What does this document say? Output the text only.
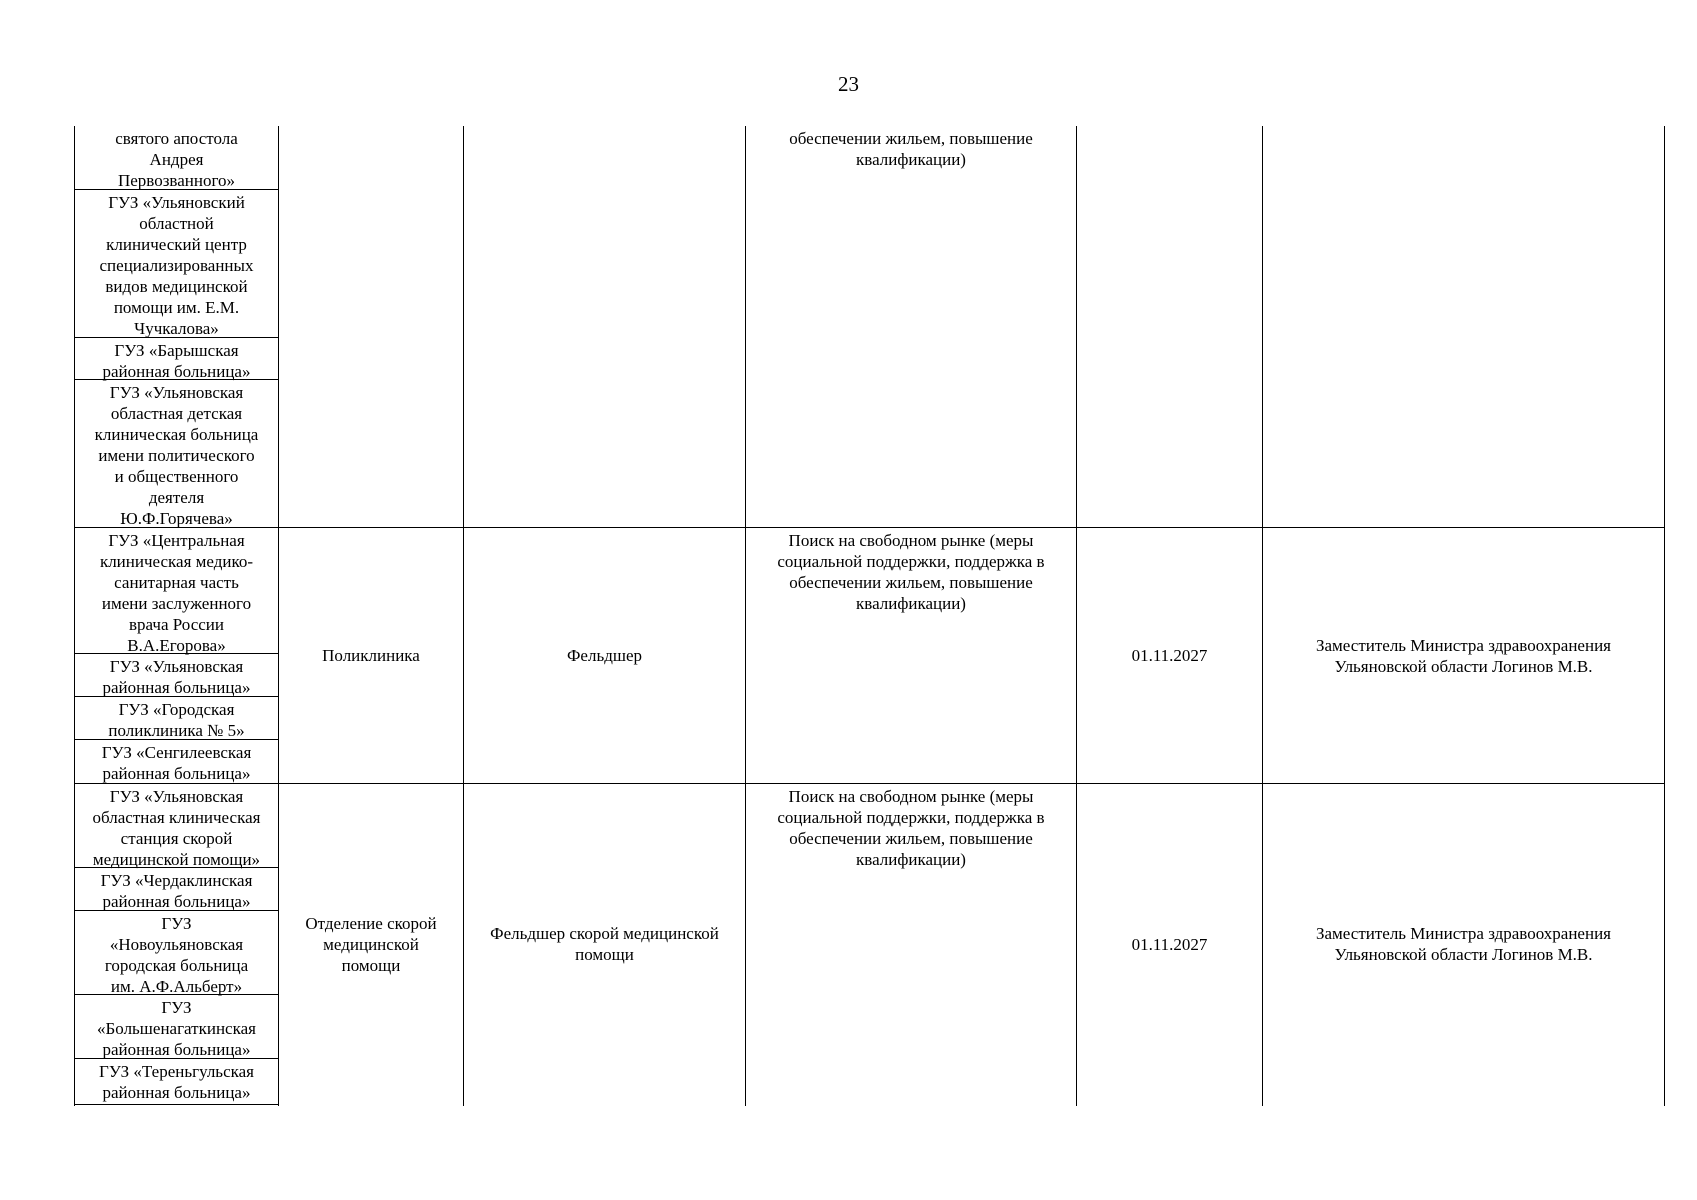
23
святого апостола
Андрея
Первозванного»
ГУЗ «Ульяновский
областной
клинический центр
специализированных
видов медицинской
помощи им. Е.М.
Чучкалова»
ГУЗ «Барышская
районная больница»
ГУЗ «Ульяновская
областная детская
клиническая больница
имени политического
и общественного
деятеля
Ю.Ф.Горячева»
обеспечении жильем, повышение
квалификации)
ГУЗ «Центральная
клиническая медико-
санитарная часть
имени заслуженного
врача России
В.А.Егорова»
ГУЗ «Ульяновская
районная больница»
ГУЗ «Городская
поликлиника № 5»
ГУЗ «Сенгилеевская
районная больница»
Поликлиника	Фельдшер
Поиск на свободном рынке (меры
социальной поддержки, поддержка в
обеспечении жильем, повышение
квалификации)
01.11.2027
Заместитель Министра здравоохранения
Ульяновской области Логинов М.В.
ГУЗ «Ульяновская
областная клиническая
станция скорой
медицинской помощи»
ГУЗ «Чердаклинская
районная больница»
ГУЗ
«Новоульяновская
городская больница
им. А.Ф.Альберт»
ГУЗ
«Большенагаткинская
районная больница»
ГУЗ «Тереньгульская
районная больница»
Отделение скорой
медицинской
помощи
Фельдшер скорой медицинской
помощи
Поиск на свободном рынке (меры
социальной поддержки, поддержка в
обеспечении жильем, повышение
квалификации)
01.11.2027
Заместитель Министра здравоохранения
Ульяновской области Логинов М.В.
